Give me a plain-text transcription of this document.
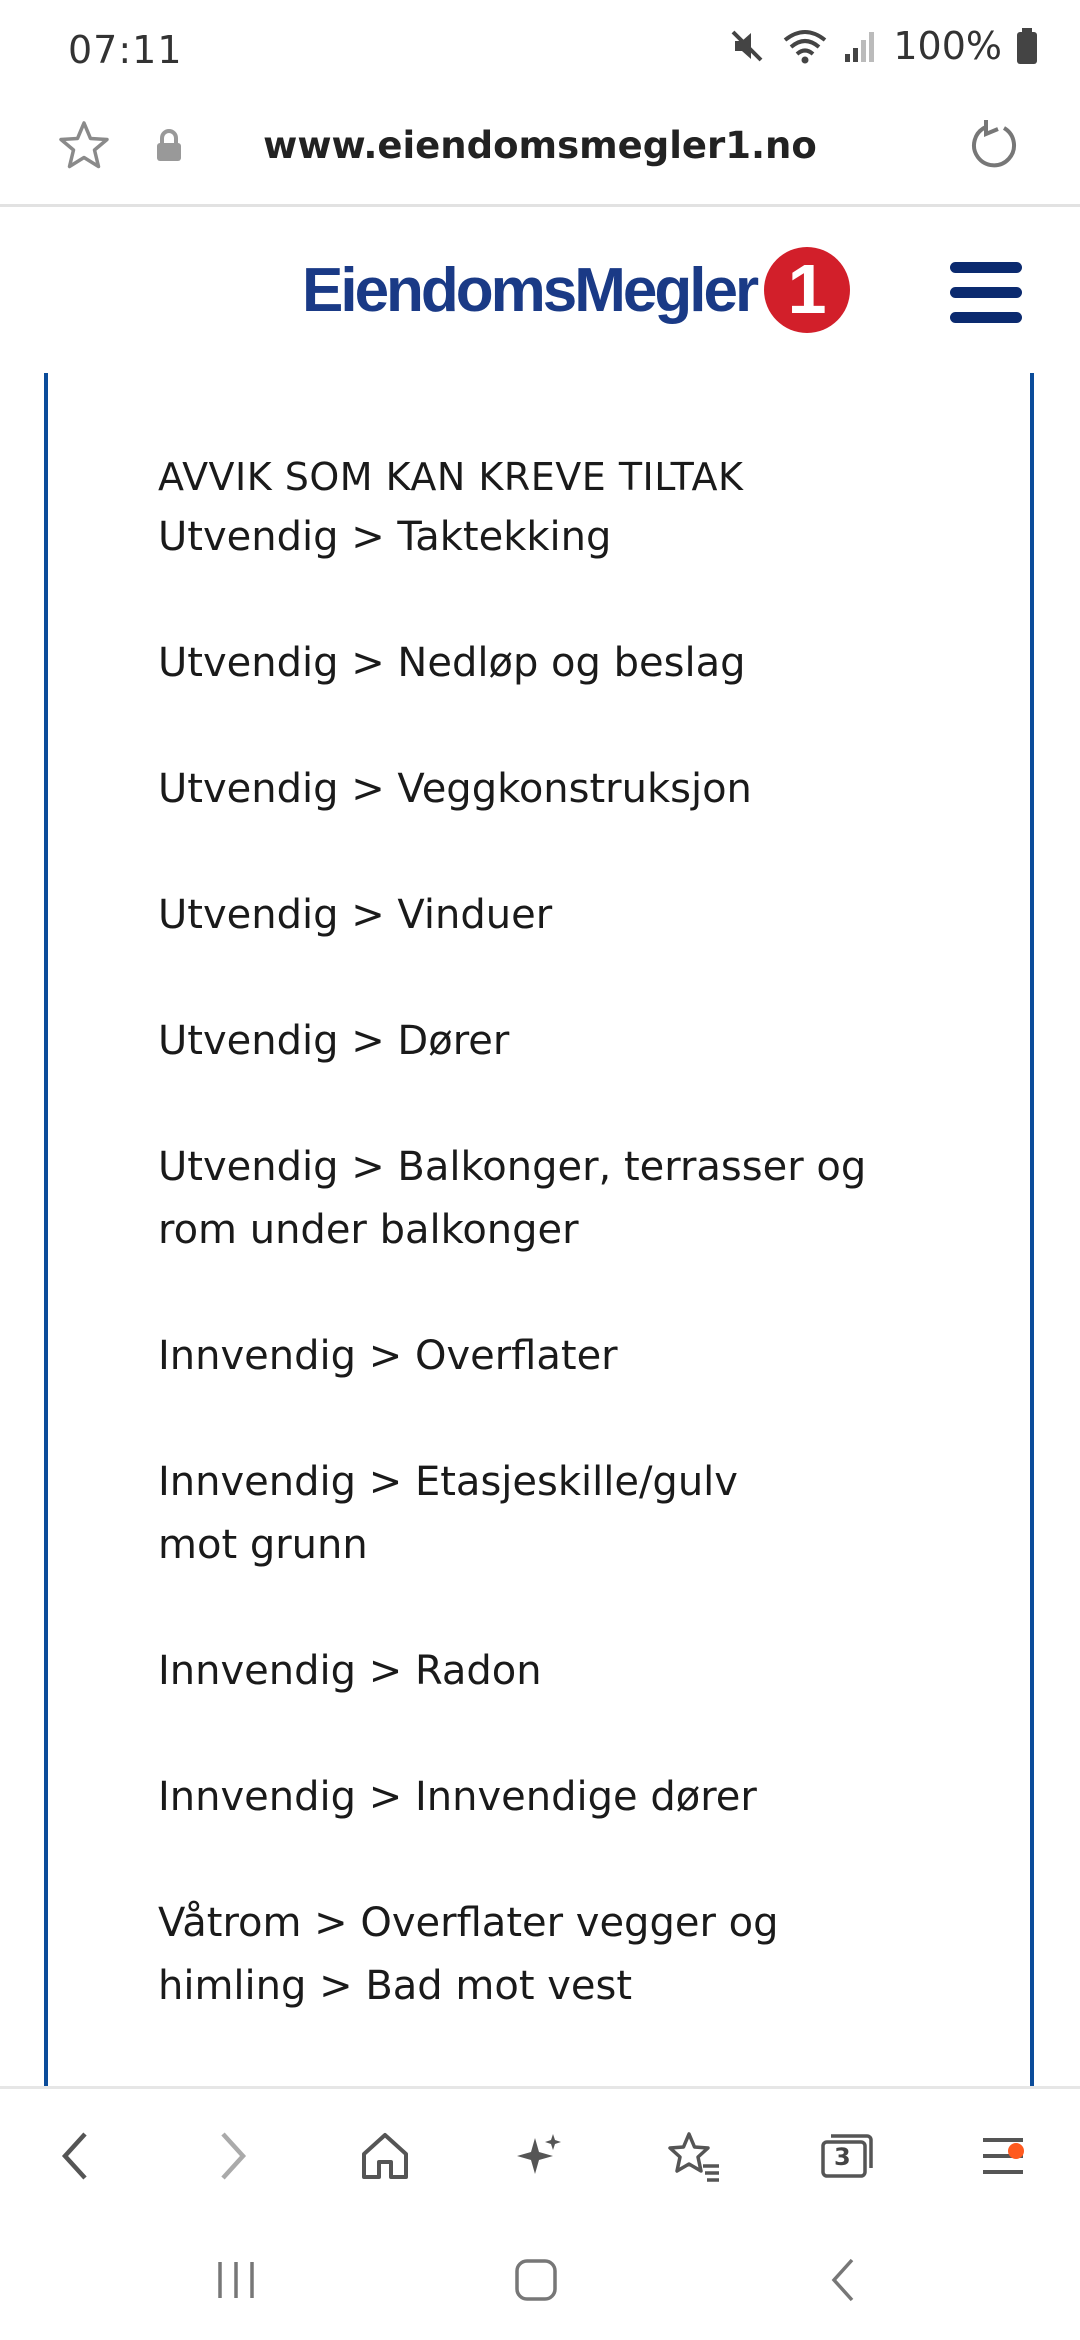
07:11	100%
www.eiendomsmegler1.no
EiendomsMegler 1
AVVIK SOM KAN KREVE TILTAK
Utvendig > Taktekking
Utvendig > Nedløp og beslag
Utvendig > Veggkonstruksjon
Utvendig > Vinduer
Utvendig > Dører
Utvendig > Balkonger, terrasser og
rom under balkonger
Innvendig > Overflater
Innvendig > Etasjeskille/gulv
mot grunn
Innvendig > Radon
Innvendig > Innvendige dører
Våtrom > Overflater vegger og
himling > Bad mot vest
3
